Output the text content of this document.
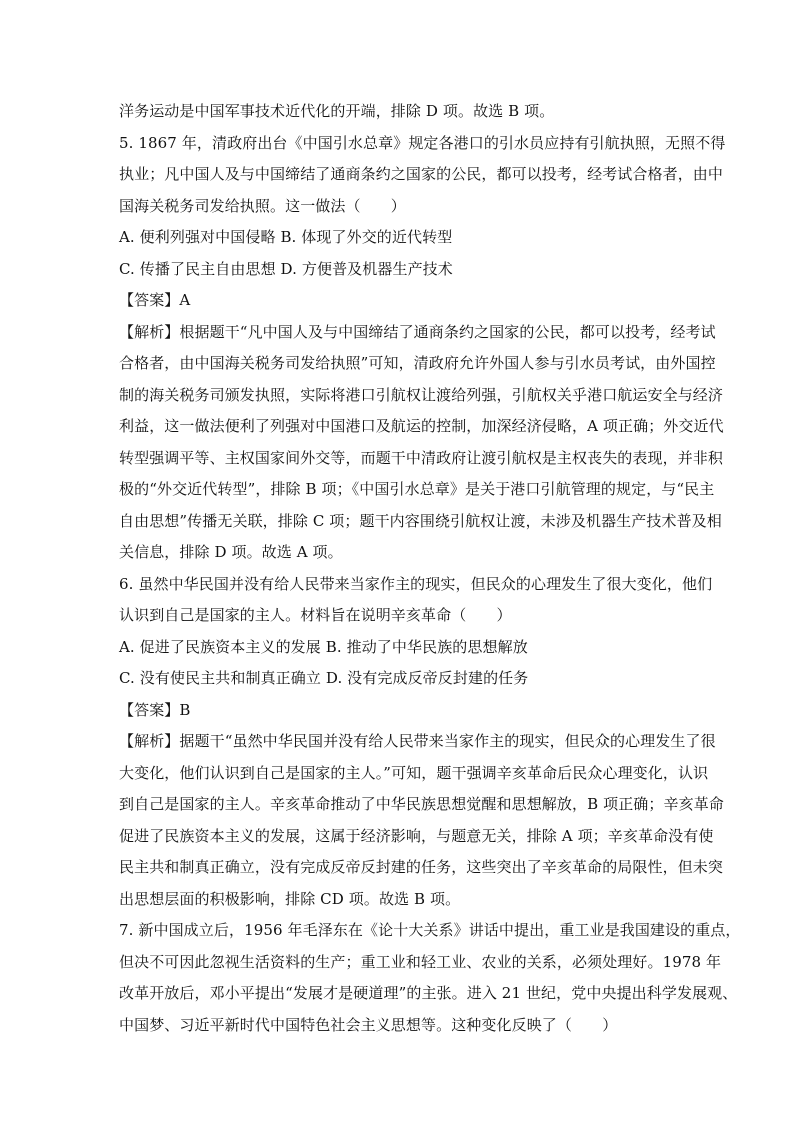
洋务运动是中国军事技术近代化的开端，排除 D 项。故选 B 项。
5. 1867 年，清政府出台《中国引水总章》规定各港口的引水员应持有引航执照，无照不得
执业；凡中国人及与中国缔结了通商条约之国家的公民，都可以投考，经考试合格者，由中
国海关税务司发给执照。这一做法（　　）
A. 便利列强对中国侵略 B. 体现了外交的近代转型
C. 传播了民主自由思想 D. 方便普及机器生产技术
【答案】A
【解析】根据题干“凡中国人及与中国缔结了通商条约之国家的公民，都可以投考，经考试
合格者，由中国海关税务司发给执照”可知，清政府允许外国人参与引水员考试，由外国控
制的海关税务司颁发执照，实际将港口引航权让渡给列强，引航权关乎港口航运安全与经济
利益，这一做法便利了列强对中国港口及航运的控制，加深经济侵略，A 项正确；外交近代
转型强调平等、主权国家间外交等，而题干中清政府让渡引航权是主权丧失的表现，并非积
极的“外交近代转型”，排除 B 项；《中国引水总章》是关于港口引航管理的规定，与“民主
自由思想”传播无关联，排除 C 项；题干内容围绕引航权让渡，未涉及机器生产技术普及相
关信息，排除 D 项。故选 A 项。
6. 虽然中华民国并没有给人民带来当家作主的现实，但民众的心理发生了很大变化，他们
认识到自己是国家的主人。材料旨在说明辛亥革命（　　）
A. 促进了民族资本主义的发展 B. 推动了中华民族的思想解放
C. 没有使民主共和制真正确立 D. 没有完成反帝反封建的任务
【答案】B
【解析】据题干“虽然中华民国并没有给人民带来当家作主的现实，但民众的心理发生了很
大变化，他们认识到自己是国家的主人。”可知，题干强调辛亥革命后民众心理变化，认识
到自己是国家的主人。辛亥革命推动了中华民族思想觉醒和思想解放，B 项正确；辛亥革命
促进了民族资本主义的发展，这属于经济影响，与题意无关，排除 A 项；辛亥革命没有使
民主共和制真正确立，没有完成反帝反封建的任务，这些突出了辛亥革命的局限性，但未突
出思想层面的积极影响，排除 CD 项。故选 B 项。
7. 新中国成立后，1956 年毛泽东在《论十大关系》讲话中提出，重工业是我国建设的重点，
但决不可因此忽视生活资料的生产；重工业和轻工业、农业的关系，必须处理好。1978 年
改革开放后，邓小平提出“发展才是硬道理”的主张。进入 21 世纪，党中央提出科学发展观、
中国梦、习近平新时代中国特色社会主义思想等。这种变化反映了（　　）
